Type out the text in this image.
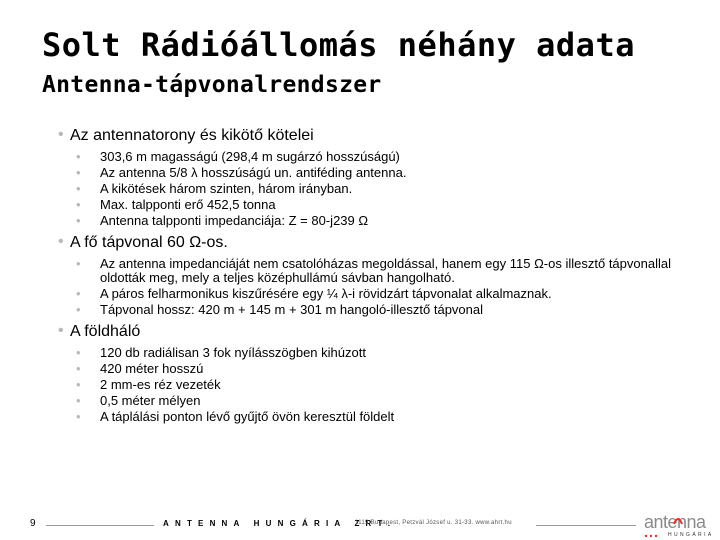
Solt Rádióállomás néhány adata
Antenna-tápvonalrendszer
• Az antennatorony és kikötő kötelei
• 303,6 m magasságú (298,4 m sugárzó hosszúságú)
• Az antenna 5/8 λ hosszúságú un. antiféding antenna.
• A kikötések három szinten, három irányban.
• Max. talpponti erő 452,5 tonna
• Antenna talpponti impedanciája: Z = 80-j239 Ω
• A fő tápvonal 60 Ω-os.
• Az antenna impedanciáját nem csatolóházas megoldással, hanem egy 115 Ω-os illesztő tápvonallal oldották meg, mely a teljes középhullámú sávban hangolható.
• A páros felharmonikus kiszűrésére egy ¼ λ-i rövidzárt tápvonalat alkalmaznak.
• Tápvonal hossz: 420 m + 145 m + 301 m hangoló-illesztő tápvonal
• A földháló
• 120 db radiálisan 3 fok nyílásszögben kihúzott
• 420 méter hosszú
• 2 mm-es réz vezeték
• 0,5 méter mélyen
• A táplálási ponton lévő gyűjtő övön keresztül földelt
9	ANTENNA HUNGÁRIA ZRT.
1119 Budapest, Petzvál József u. 31-33. www.ahrt.hu	antenna
HUNGÁRIA
